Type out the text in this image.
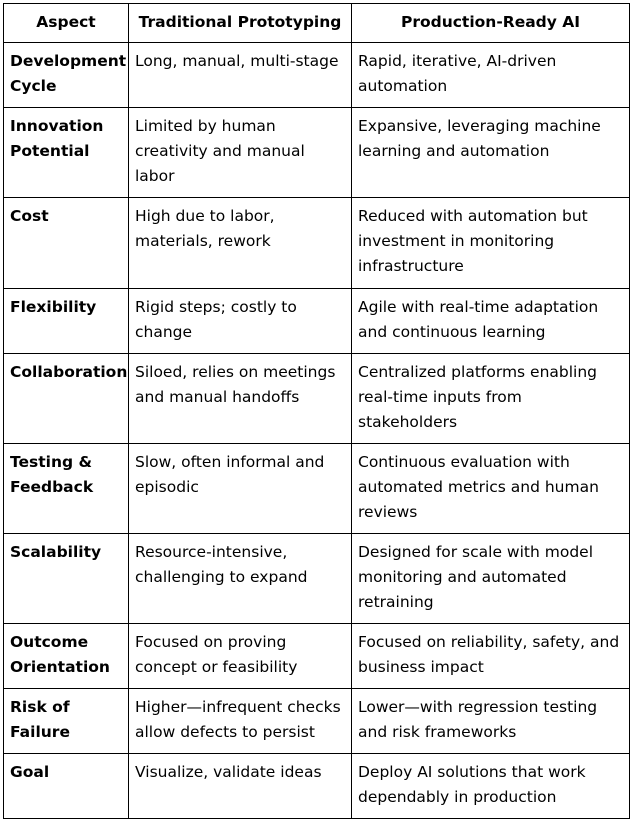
Aspect	Traditional Prototyping	Production-Ready AI
Development Cycle	Long, manual, multi-stage	Rapid, iterative, AI-driven automation
Innovation Potential	Limited by human creativity and manual labor	Expansive, leveraging machine learning and automation
Cost	High due to labor, materials, rework	Reduced with automation but investment in monitoring infrastructure
Flexibility	Rigid steps; costly to change	Agile with real-time adaptation and continuous learning
Collaboration	Siloed, relies on meetings and manual handoffs	Centralized platforms enabling real-time inputs from stakeholders
Testing & Feedback	Slow, often informal and episodic	Continuous evaluation with automated metrics and human reviews
Scalability	Resource-intensive, challenging to expand	Designed for scale with model monitoring and automated retraining
Outcome Orientation	Focused on proving concept or feasibility	Focused on reliability, safety, and business impact
Risk of Failure	Higher—infrequent checks allow defects to persist	Lower—with regression testing and risk frameworks
Goal	Visualize, validate ideas	Deploy AI solutions that work dependably in production
